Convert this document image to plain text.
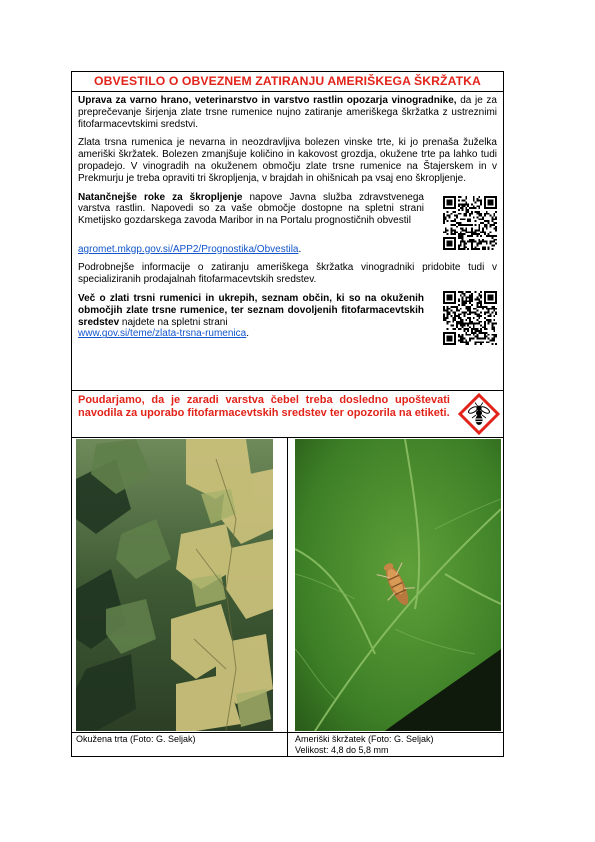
OBVESTILO O OBVEZNEM ZATIRANJU AMERIŠKEGA ŠKRŽATKA

Uprava za varno hrano, veterinarstvo in varstvo rastlin opozarja vinogradnike, da je za preprečevanje širjenja zlate trsne rumenice nujno zatiranje ameriškega škržatka z ustreznimi fitofarmacevtskimi sredstvi.

Zlata trsna rumenica je nevarna in neozdravljiva bolezen vinske trte, ki jo prenaša žuželka ameriški škržatek. Bolezen zmanjšuje količino in kakovost grozdja, okužene trte pa lahko tudi propadejo. V vinogradih na okuženem območju zlate trsne rumenice na Štajerskem in v Prekmurju je treba opraviti tri škropljenja, v brajdah in ohišnicah pa vsaj eno škropljenje.

Natančnejše roke za škropljenje napove Javna služba zdravstvenega varstva rastlin. Napovedi so za vaše območje dostopne na spletni strani Kmetijsko gozdarskega zavoda Maribor in na Portalu prognostičnih obvestil

agromet.mkgp.gov.si/APP2/Prognostika/Obvestila.

Podrobnejše informacije o zatiranju ameriškega škržatka vinogradniki pridobite tudi v specializiranih prodajalnah fitofarmacevtskih sredstev.

Več o zlati trsni rumenici in ukrepih, seznam občin, ki so na okuženih območjih zlate trsne rumenice, ter seznam dovoljenih fitofarmacevtskih sredstev najdete na spletni strani
www.gov.si/teme/zlata-trsna-rumenica.

Poudarjamo, da je zaradi varstva čebel treba dosledno upoštevati navodila za uporabo fitofarmacevtskih sredstev ter opozorila na etiketi.
Okužena trta (Foto: G. Seljak)	Ameriški škržatek (Foto: G. Seljak)
Velikost: 4,8 do 5,8 mm
